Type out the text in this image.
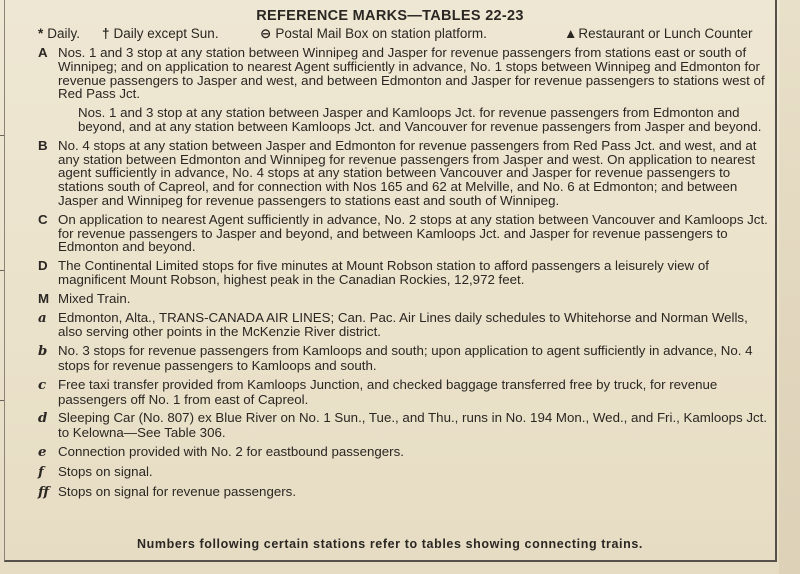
REFERENCE MARKS—TABLES 22-23
* Daily.	† Daily except Sun.	⊖ Postal Mail Box on station platform.	▲Restaurant or Lunch Counter
A Nos. 1 and 3 stop at any station between Winnipeg and Jasper for revenue passengers from stations east or south of Winnipeg; and on application to nearest Agent sufficiently in advance, No. 1 stops between Winnipeg and Edmonton for revenue passengers to Jasper and west, and between Edmonton and Jasper for revenue passengers to stations west of Red Pass Jct.
Nos. 1 and 3 stop at any station between Jasper and Kamloops Jct. for revenue passengers from Edmonton and beyond, and at any station between Kamloops Jct. and Vancouver for revenue passengers from Jasper and beyond.
B No. 4 stops at any station between Jasper and Edmonton for revenue passengers from Red Pass Jct. and west, and at any station between Edmonton and Winnipeg for revenue passengers from Jasper and west. On application to nearest agent sufficiently in advance, No. 4 stops at any station between Vancouver and Jasper for revenue passengers to stations south of Capreol, and for connection with Nos 165 and 62 at Melville, and No. 6 at Edmonton; and between Jasper and Winnipeg for revenue passengers to stations east and south of Winnipeg.
C On application to nearest Agent sufficiently in advance, No. 2 stops at any station between Vancouver and Kamloops Jct. for revenue passengers to Jasper and beyond, and between Kamloops Jct. and Jasper for revenue passengers to Edmonton and beyond.
D The Continental Limited stops for five minutes at Mount Robson station to afford passengers a leisurely view of magnificent Mount Robson, highest peak in the Canadian Rockies, 12,972 feet.
M Mixed Train.
a Edmonton, Alta., TRANS-CANADA AIR LINES; Can. Pac. Air Lines daily schedules to Whitehorse and Norman Wells, also serving other points in the McKenzie River district.
b No. 3 stops for revenue passengers from Kamloops and south; upon application to agent sufficiently in advance, No. 4 stops for revenue passengers to Kamloops and south.
c Free taxi transfer provided from Kamloops Junction, and checked baggage transferred free by truck, for revenue passengers off No. 1 from east of Capreol.
d Sleeping Car (No. 807) ex Blue River on No. 1 Sun., Tue., and Thu., runs in No. 194 Mon., Wed., and Fri., Kamloops Jct. to Kelowna—See Table 306.
e Connection provided with No. 2 for eastbound passengers.
f Stops on signal.
ff Stops on signal for revenue passengers.
Numbers following certain stations refer to tables showing connecting trains.
